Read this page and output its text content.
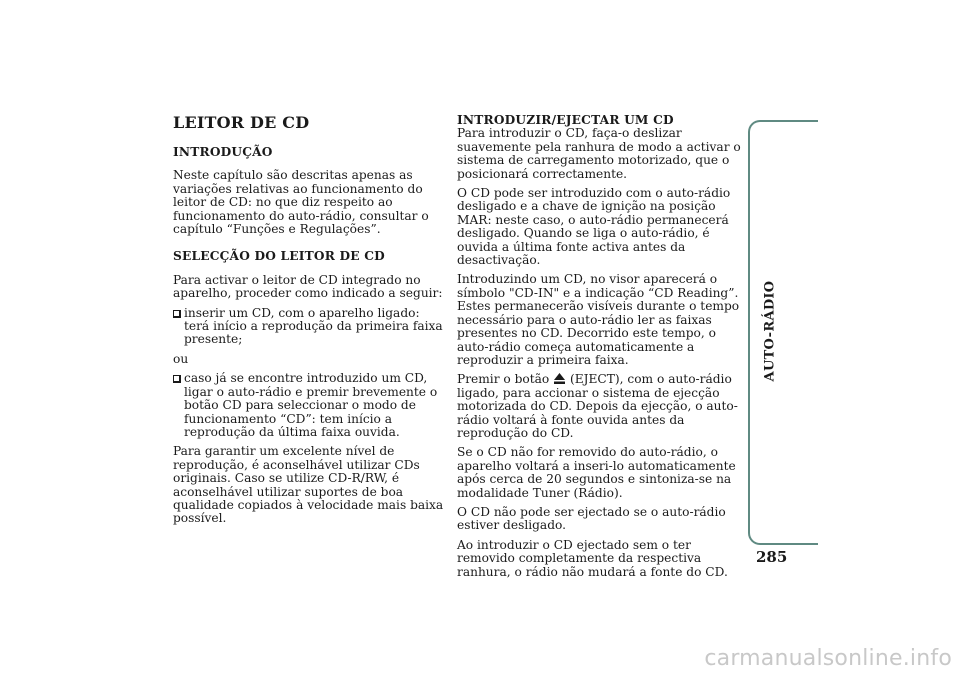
LEITOR DE CD
INTRODUÇÃO

Neste capítulo são descritas apenas as variações relativas ao funcionamento do leitor de CD: no que diz respeito ao funcionamento do auto-rádio, consultar o capítulo “Funções e Regulações”.

SELECÇÃO DO LEITOR DE CD

Para activar o leitor de CD integrado no aparelho, proceder como indicado a seguir:

inserir um CD, com o aparelho ligado: terá início a reprodução da primeira faixa presente;

ou

caso já se encontre introduzido um CD, ligar o auto-rádio e premir brevemente o botão CD para seleccionar o modo de funcionamento “CD”: tem início a reprodução da última faixa ouvida.

Para garantir um excelente nível de reprodução, é aconselhável utilizar CDs originais. Caso se utilize CD-R/RW, é aconselhável utilizar suportes de boa qualidade copiados à velocidade mais baixa possível.

INTRODUZIR/EJECTAR UM CD

Para introduzir o CD, faça-o deslizar suavemente pela ranhura de modo a activar o sistema de carregamento motorizado, que o posicionará correctamente.

O CD pode ser introduzido com o auto-rádio desligado e a chave de ignição na posição MAR: neste caso, o auto-rádio permanecerá desligado. Quando se liga o auto-rádio, é ouvida a última fonte activa antes da desactivação.

Introduzindo um CD, no visor aparecerá o símbolo "CD-IN" e a indicação “CD Reading”. Estes permanecerão visíveis durante o tempo necessário para o auto-rádio ler as faixas presentes no CD. Decorrido este tempo, o auto-rádio começa automaticamente a reproduzir a primeira faixa.

Premir o botão (EJECT), com o auto-rádio ligado, para accionar o sistema de ejecção motorizada do CD. Depois da ejecção, o auto-rádio voltará à fonte ouvida antes da reprodução do CD.

Se o CD não for removido do auto-rádio, o aparelho voltará a inseri-lo automaticamente após cerca de 20 segundos e sintoniza-se na modalidade Tuner (Rádio).

O CD não pode ser ejectado se o auto-rádio estiver desligado.

Ao introduzir o CD ejectado sem o ter removido completamente da respectiva ranhura, o rádio não mudará a fonte do CD.

AUTO-RÁDIO
285
carmanualsonline.info
